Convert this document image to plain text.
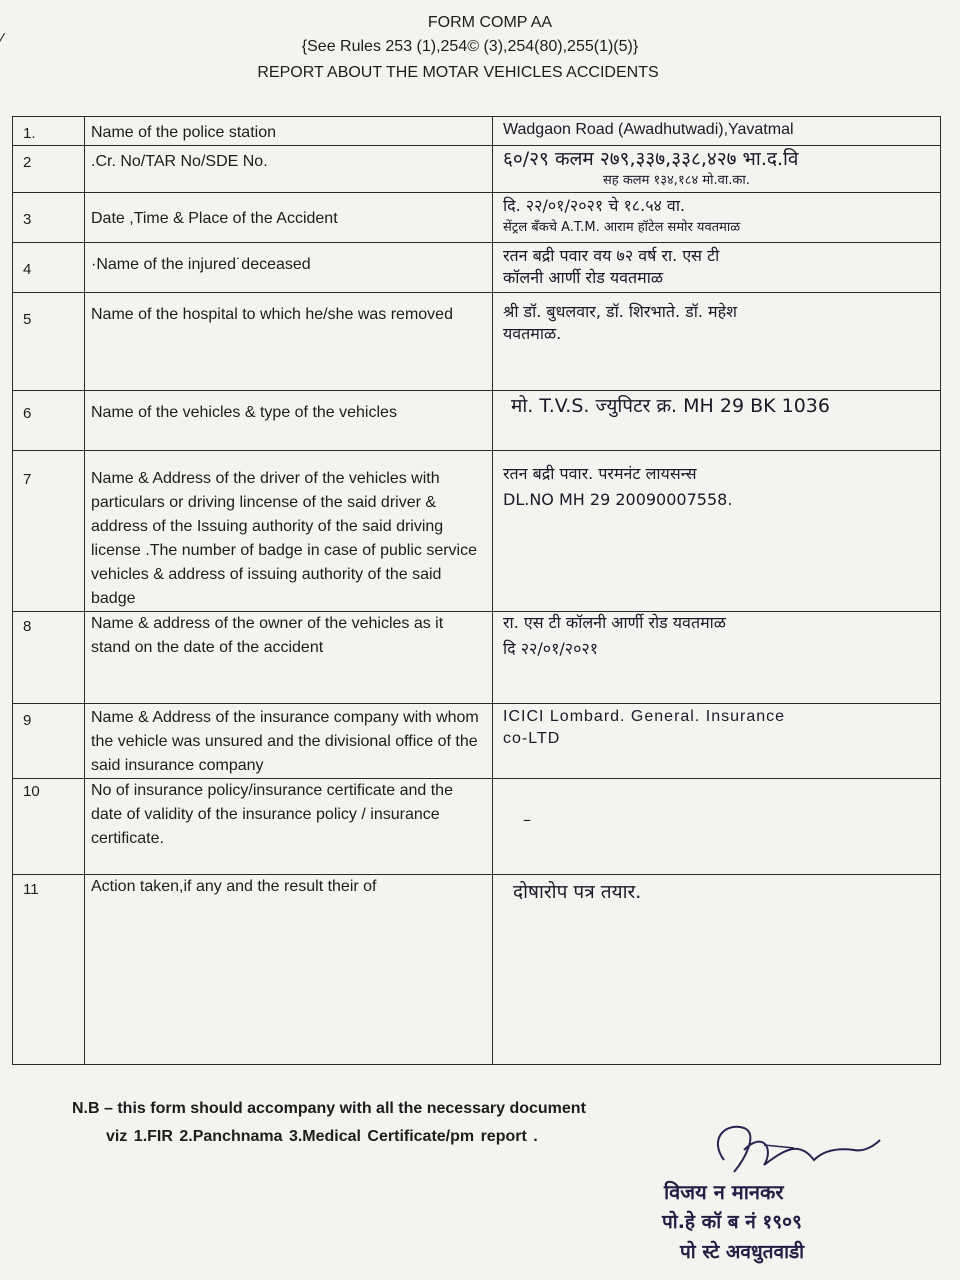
⁄
FORM COMP AA
{See Rules 253 (1),254© (3),254(80),255(1)(5)}
REPORT ABOUT THE MOTAR VEHICLES ACCIDENTS
1.	Name of the police station	Wadgaon Road (Awadhutwadi),Yavatmal

2	.Cr. No/TAR No/SDE No.	६०/२९ कलम २७९,३३७,३३८,४२७ भा.द.वि
सह कलम १३४,१८४ मो.वा.का.

3	Date ,Time & Place of the Accident	दि. २२/०१/२०२१ चे १८.५४ वा.
सेंट्रल बँकचे A.T.M. आराम हॉटेल समोर यवतमाळ

4	·Name of the injured˙deceased	रतन बद्री पवार वय ७२ वर्ष रा. एस टी
कॉलनी आर्णी रोड यवतमाळ

5	Name of the hospital to which he/she was removed	श्री डॉ. बुधलवार, डॉ. शिरभाते. डॉ. महेश
यवतमाळ.

6	Name of the vehicles & type of the vehicles	मो. T.V.S. ज्युपिटर क्र. MH 29 BK 1036

7	Name & Address of the driver of the vehicles with particulars or driving lincense of the said driver & address of the Issuing authority of the said driving license .The number of badge in case of public service vehicles & address of issuing authority of the said badge	रतन बद्री पवार. परमनंट लायसन्स
DL.NO MH 29 20090007558.

8	Name & address of the owner of the vehicles as it stand on the date of the accident	रा. एस टी कॉलनी आर्णी रोड यवतमाळ
दि २२/०१/२०२१

9	Name & Address of the insurance company with whom the vehicle was unsured and the divisional office of the said insurance company	ICICI Lombard. General. Insurance
co-LTD

10	No of insurance policy/insurance certificate and the date of validity of the insurance policy / insurance certificate.	–

11	Action taken,if any and the result their of	दोषारोप पत्र तयार.
N.B – this form should accompany with all the necessary document
viz 1.FIR 2.Panchnama 3.Medical Certificate/pm report .
विजय न मानकर
पो.हे कॉ ब नं १९०९
पो स्टे अवधुतवाडी
